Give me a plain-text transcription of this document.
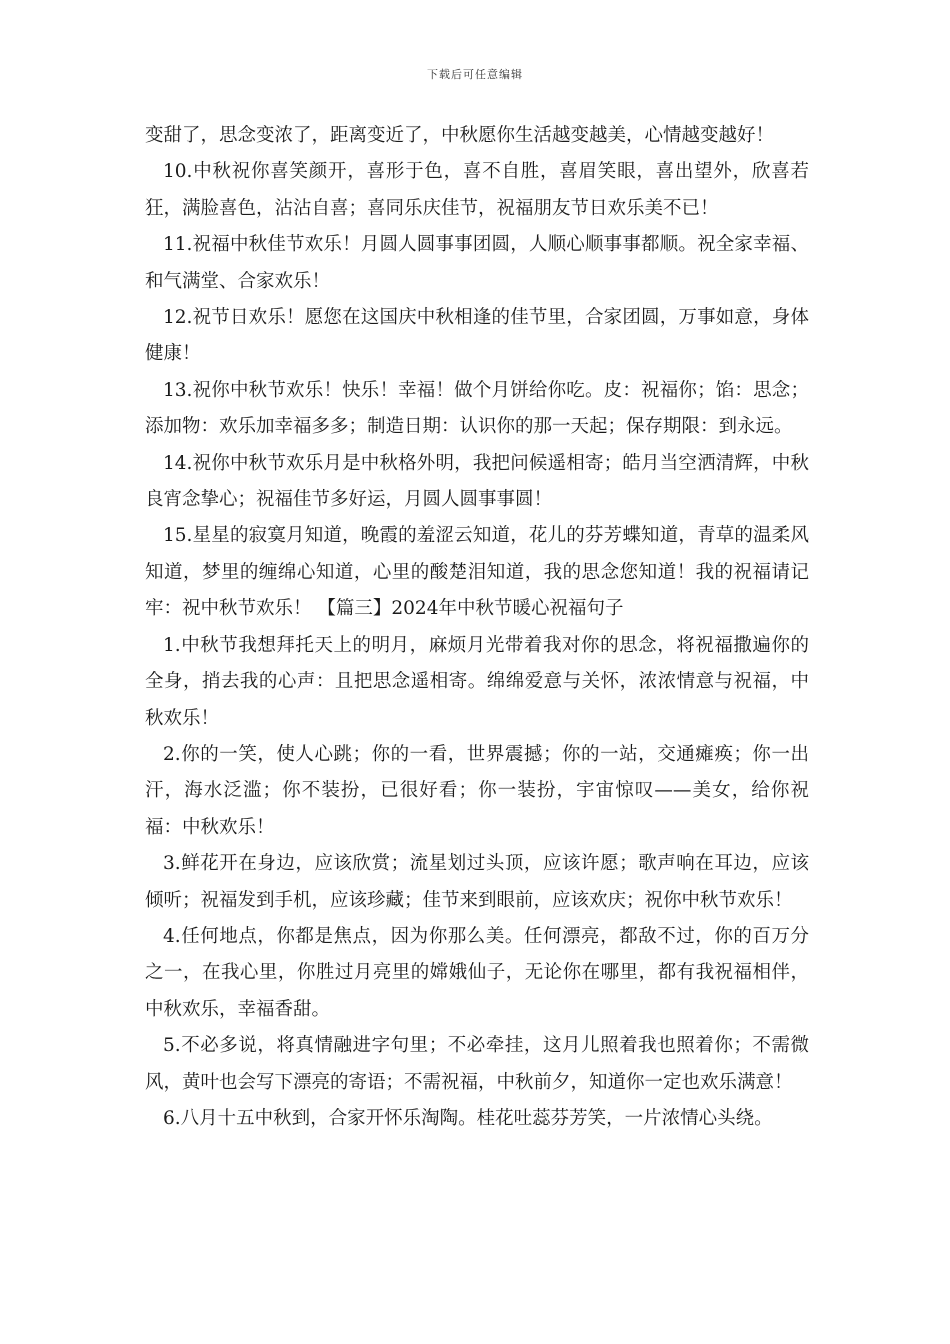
下载后可任意编辑

变甜了，思念变浓了，距离变近了，中秋愿你生活越变越美，心情越变越好！

10.中秋祝你喜笑颜开，喜形于色，喜不自胜，喜眉笑眼，喜出望外，欣喜若狂，满脸喜色，沾沾自喜；喜同乐庆佳节，祝福朋友节日欢乐美不已！

11.祝福中秋佳节欢乐！月圆人圆事事团圆，人顺心顺事事都顺。祝全家幸福、和气满堂、合家欢乐！

12.祝节日欢乐！愿您在这国庆中秋相逢的佳节里，合家团圆，万事如意，身体健康！

13.祝你中秋节欢乐！快乐！幸福！做个月饼给你吃。皮：祝福你；馅：思念；添加物：欢乐加幸福多多；制造日期：认识你的那一天起；保存期限：到永远。

14.祝你中秋节欢乐月是中秋格外明，我把问候遥相寄；皓月当空洒清辉，中秋良宵念挚心；祝福佳节多好运，月圆人圆事事圆！

15.星星的寂寞月知道，晚霞的羞涩云知道，花儿的芬芳蝶知道，青草的温柔风知道，梦里的缠绵心知道，心里的酸楚泪知道，我的思念您知道！我的祝福请记牢：祝中秋节欢乐！ 【篇三】2024年中秋节暖心祝福句子

1.中秋节我想拜托天上的明月，麻烦月光带着我对你的思念，将祝福撒遍你的全身，捎去我的心声：且把思念遥相寄。绵绵爱意与关怀，浓浓情意与祝福，中秋欢乐！

2.你的一笑，使人心跳；你的一看，世界震撼；你的一站，交通瘫痪；你一出汗，海水泛滥；你不装扮，已很好看；你一装扮，宇宙惊叹——美女，给你祝福：中秋欢乐！

3.鲜花开在身边，应该欣赏；流星划过头顶，应该许愿；歌声响在耳边，应该倾听；祝福发到手机，应该珍藏；佳节来到眼前，应该欢庆；祝你中秋节欢乐！

4.任何地点，你都是焦点，因为你那么美。任何漂亮，都敌不过，你的百万分之一，在我心里，你胜过月亮里的嫦娥仙子，无论你在哪里，都有我祝福相伴，中秋欢乐，幸福香甜。

5.不必多说，将真情融进字句里；不必牵挂，这月儿照着我也照着你；不需微风，黄叶也会写下漂亮的寄语；不需祝福，中秋前夕，知道你一定也欢乐满意！

6.八月十五中秋到，合家开怀乐淘陶。桂花吐蕊芬芳笑，一片浓情心头绕。
